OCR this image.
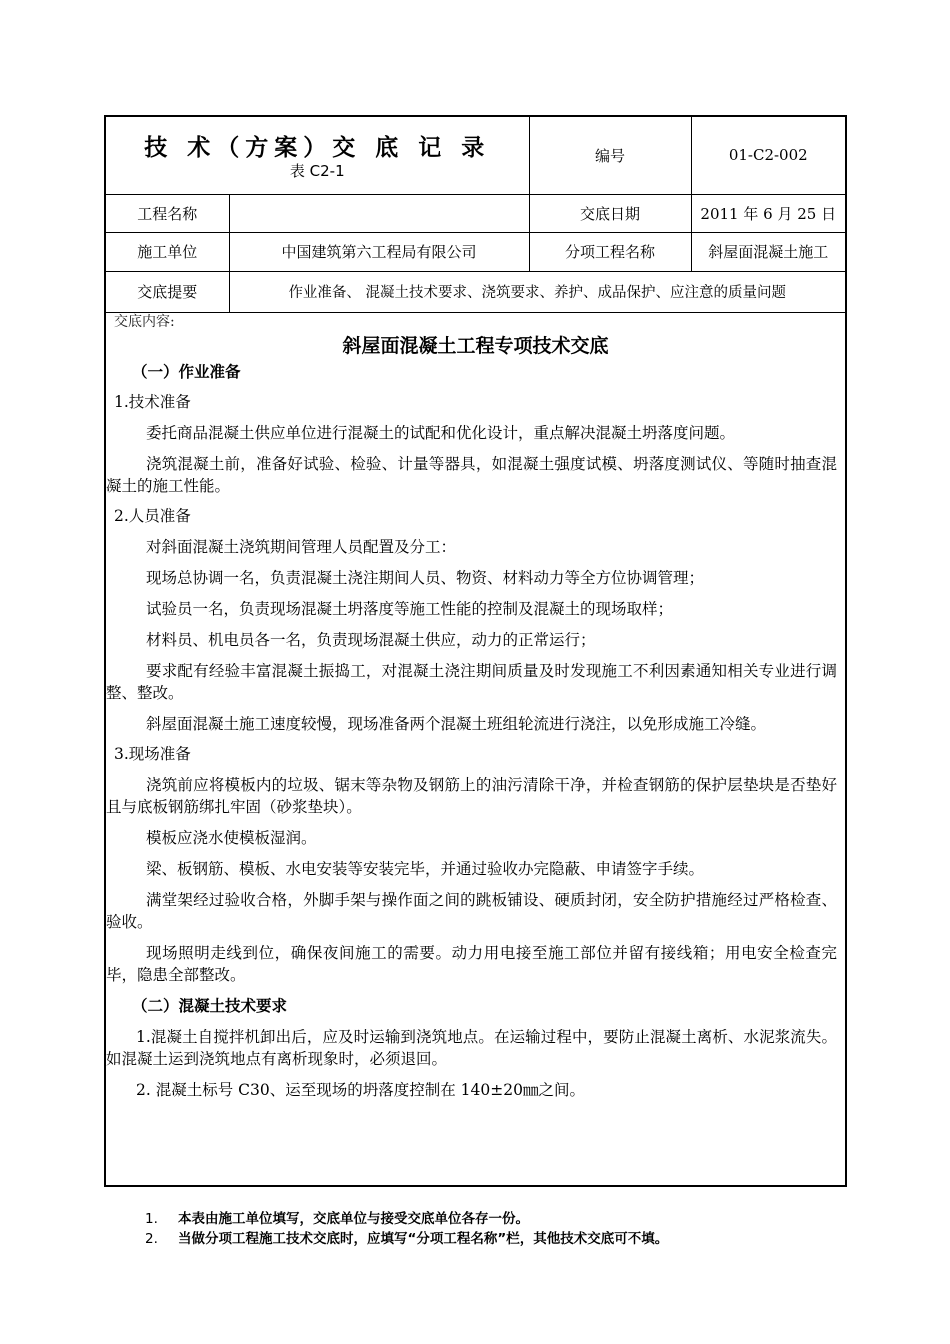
技 术（方案）交 底 记 录
表 C2-1		编号	01-C2-002
工程名称		交底日期	2011 年 6 月 25 日
施工单位	中国建筑第六工程局有限公司	分项工程名称	斜屋面混凝土施工
交底提要	作业准备、 混凝土技术要求、浇筑要求、养护、成品保护、应注意的质量问题		

交底内容:

斜屋面混凝土工程专项技术交底

（一）作业准备

1.技术准备

委托商品混凝土供应单位进行混凝土的试配和优化设计，重点解决混凝土坍落度问题。

浇筑混凝土前，准备好试验、检验、计量等器具，如混凝土强度试模、坍落度测试仪、等随时抽查混凝土的施工性能。

2.人员准备

对斜面混凝土浇筑期间管理人员配置及分工：

现场总协调一名，负责混凝土浇注期间人员、物资、材料动力等全方位协调管理；

试验员一名，负责现场混凝土坍落度等施工性能的控制及混凝土的现场取样；

材料员、机电员各一名，负责现场混凝土供应，动力的正常运行；

要求配有经验丰富混凝土振捣工，对混凝土浇注期间质量及时发现施工不利因素通知相关专业进行调整、整改。

斜屋面混凝土施工速度较慢，现场准备两个混凝土班组轮流进行浇注，以免形成施工冷缝。

3.现场准备

浇筑前应将模板内的垃圾、锯末等杂物及钢筋上的油污清除干净，并检查钢筋的保护层垫块是否垫好且与底板钢筋绑扎牢固（砂浆垫块）。

模板应浇水使模板湿润。

梁、板钢筋、模板、水电安装等安装完毕，并通过验收办完隐蔽、申请签字手续。

满堂架经过验收合格，外脚手架与操作面之间的跳板铺设、硬质封闭，安全防护措施经过严格检查、验收。

现场照明走线到位，确保夜间施工的需要。动力用电接至施工部位并留有接线箱；用电安全检查完毕，隐患全部整改。

（二）混凝土技术要求

1.混凝土自搅拌机卸出后，应及时运输到浇筑地点。在运输过程中，要防止混凝土离析、水泥浆流失。如混凝土运到浇筑地点有离析现象时，必须退回。

2. 混凝土标号 C30、运至现场的坍落度控制在 140±20㎜之间。

1. 本表由施工单位填写，交底单位与接受交底单位各存一份。
2. 当做分项工程施工技术交底时，应填写“分项工程名称”栏，其他技术交底可不填。
